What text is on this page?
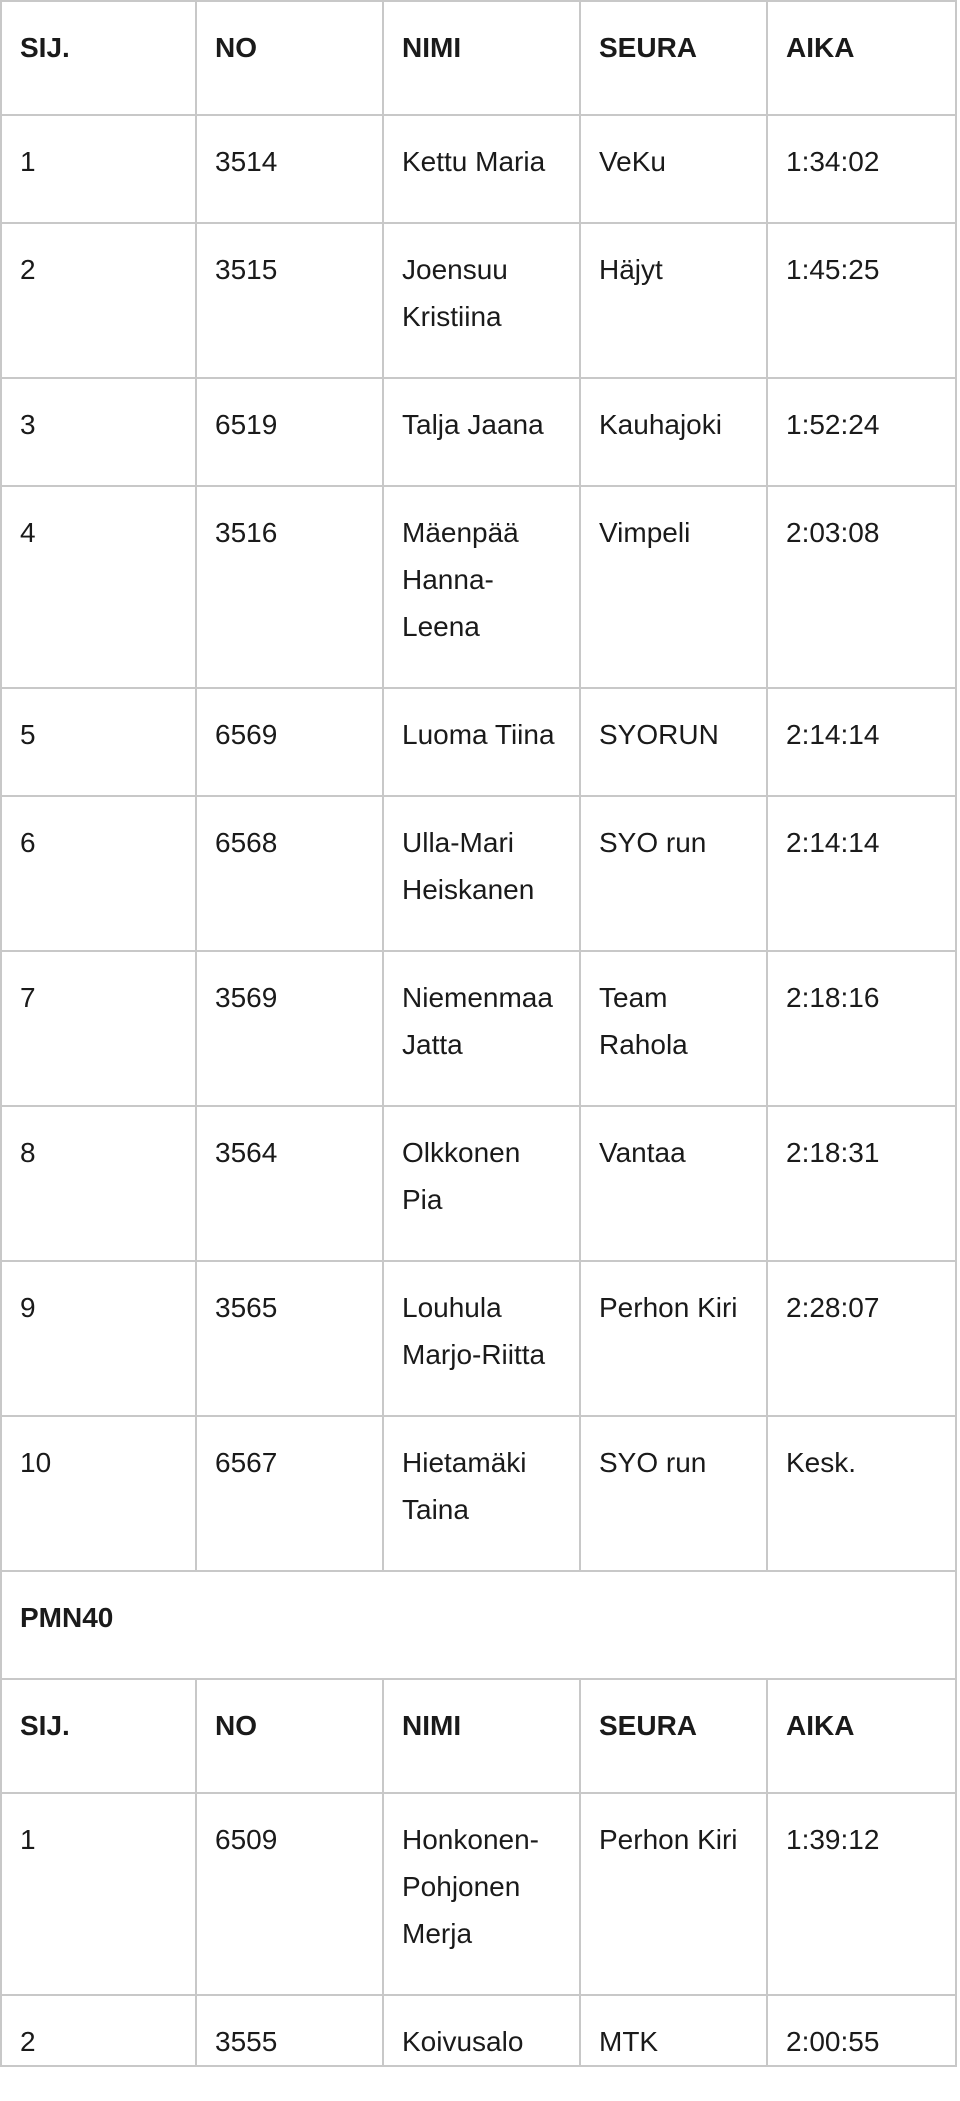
SIJ.	NO	NIMI	SEURA	AIKA
1	3514	Kettu Maria	VeKu	1:34:02
2	3515	Joensuu Kristiina	Häjyt	1:45:25
3	6519	Talja Jaana	Kauhajoki	1:52:24
4	3516	Mäenpää Hanna-Leena	Vimpeli	2:03:08
5	6569	Luoma Tiina	SYORUN	2:14:14
6	6568	Ulla-Mari Heiskanen	SYO run	2:14:14
7	3569	Niemenmaa Jatta	Team Rahola	2:18:16
8	3564	Olkkonen Pia	Vantaa	2:18:31
9	3565	Louhula Marjo-Riitta	Perhon Kiri	2:28:07
10	6567	Hietamäki Taina	SYO run	Kesk.
PMN40				
SIJ.	NO	NIMI	SEURA	AIKA
1	6509	Honkonen-Pohjonen Merja	Perhon Kiri	1:39:12
2	3555	Koivusalo	MTK	2:00:55
